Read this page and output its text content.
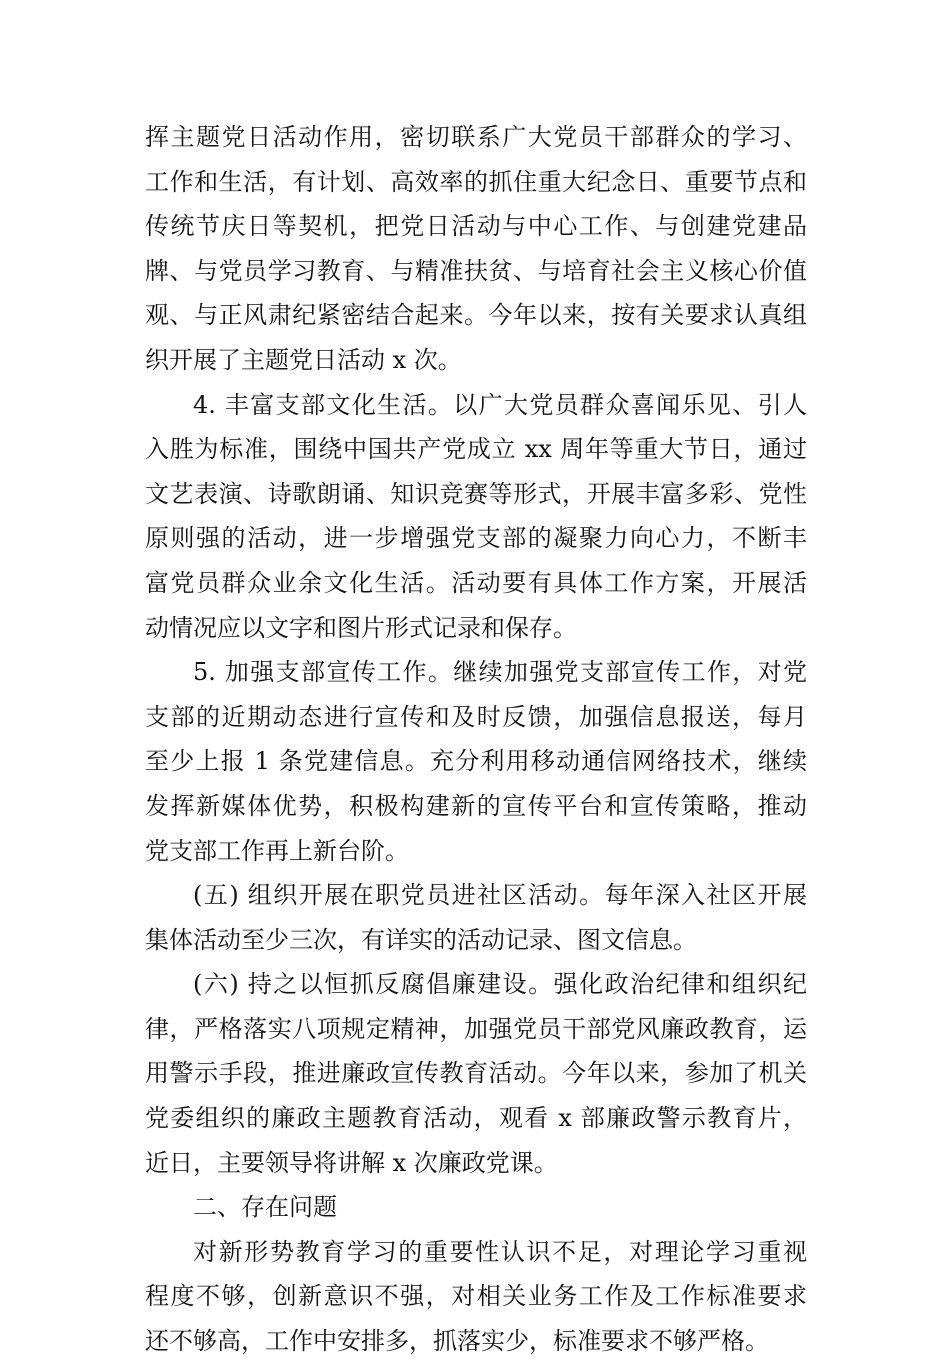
挥主题党日活动作用，密切联系广大党员干部群众的学习、
工作和生活，有计划、高效率的抓住重大纪念日、重要节点和
传统节庆日等契机，把党日活动与中心工作、与创建党建品
牌、与党员学习教育、与精准扶贫、与培育社会主义核心价值
观、与正风肃纪紧密结合起来。今年以来，按有关要求认真组
织开展了主题党日活动 x 次。
4. 丰富支部文化生活。以广大党员群众喜闻乐见、引人
入胜为标准，围绕中国共产党成立 xx 周年等重大节日，通过
文艺表演、诗歌朗诵、知识竞赛等形式，开展丰富多彩、党性
原则强的活动，进一步增强党支部的凝聚力向心力，不断丰
富党员群众业余文化生活。活动要有具体工作方案，开展活
动情况应以文字和图片形式记录和保存。
5. 加强支部宣传工作。继续加强党支部宣传工作，对党
支部的近期动态进行宣传和及时反馈，加强信息报送，每月
至少上报 1 条党建信息。充分利用移动通信网络技术，继续
发挥新媒体优势，积极构建新的宣传平台和宣传策略，推动
党支部工作再上新台阶。
(五) 组织开展在职党员进社区活动。每年深入社区开展
集体活动至少三次，有详实的活动记录、图文信息。
(六) 持之以恒抓反腐倡廉建设。强化政治纪律和组织纪
律，严格落实八项规定精神，加强党员干部党风廉政教育，运
用警示手段，推进廉政宣传教育活动。今年以来，参加了机关
党委组织的廉政主题教育活动，观看 x 部廉政警示教育片，
近日，主要领导将讲解 x 次廉政党课。
二、存在问题
对新形势教育学习的重要性认识不足，对理论学习重视
程度不够，创新意识不强，对相关业务工作及工作标准要求
还不够高，工作中安排多，抓落实少，标准要求不够严格。
